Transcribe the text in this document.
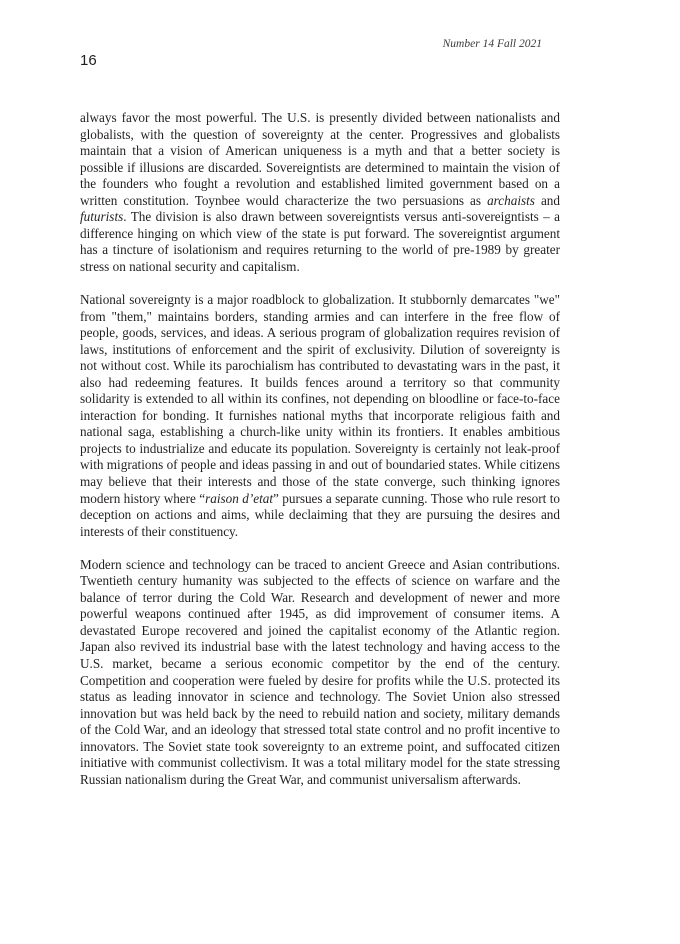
Number 14 Fall 2021
16

always favor the most powerful. The U.S. is presently divided between nationalists and globalists, with the question of sovereignty at the center. Progressives and globalists maintain that a vision of American uniqueness is a myth and that a better society is possible if illusions are discarded. Sovereigntists are determined to maintain the vision of the founders who fought a revolution and established limited government based on a written constitution. Toynbee would characterize the two persuasions as archaists and futurists. The division is also drawn between sovereigntists versus anti-sovereigntists – a difference hinging on which view of the state is put forward. The sovereigntist argument has a tincture of isolationism and requires returning to the world of pre-1989 by greater stress on national security and capitalism.

National sovereignty is a major roadblock to globalization. It stubbornly demarcates "we" from "them," maintains borders, standing armies and can interfere in the free flow of people, goods, services, and ideas. A serious program of globalization requires revision of laws, institutions of enforcement and the spirit of exclusivity. Dilution of sovereignty is not without cost. While its parochialism has contributed to devastating wars in the past, it also had redeeming features. It builds fences around a territory so that community solidarity is extended to all within its confines, not depending on bloodline or face-to-face interaction for bonding. It furnishes national myths that incorporate religious faith and national saga, establishing a church-like unity within its frontiers. It enables ambitious projects to industrialize and educate its population. Sovereignty is certainly not leak-proof with migrations of people and ideas passing in and out of boundaried states. While citizens may believe that their interests and those of the state converge, such thinking ignores modern history where “raison d’etat” pursues a separate cunning. Those who rule resort to deception on actions and aims, while declaiming that they are pursuing the desires and interests of their constituency.

Modern science and technology can be traced to ancient Greece and Asian contributions. Twentieth century humanity was subjected to the effects of science on warfare and the balance of terror during the Cold War. Research and development of newer and more powerful weapons continued after 1945, as did improvement of consumer items. A devastated Europe recovered and joined the capitalist economy of the Atlantic region. Japan also revived its industrial base with the latest technology and having access to the U.S. market, became a serious economic competitor by the end of the century. Competition and cooperation were fueled by desire for profits while the U.S. protected its status as leading innovator in science and technology. The Soviet Union also stressed innovation but was held back by the need to rebuild nation and society, military demands of the Cold War, and an ideology that stressed total state control and no profit incentive to innovators. The Soviet state took sovereignty to an extreme point, and suffocated citizen initiative with communist collectivism. It was a total military model for the state stressing Russian nationalism during the Great War, and communist universalism afterwards.
